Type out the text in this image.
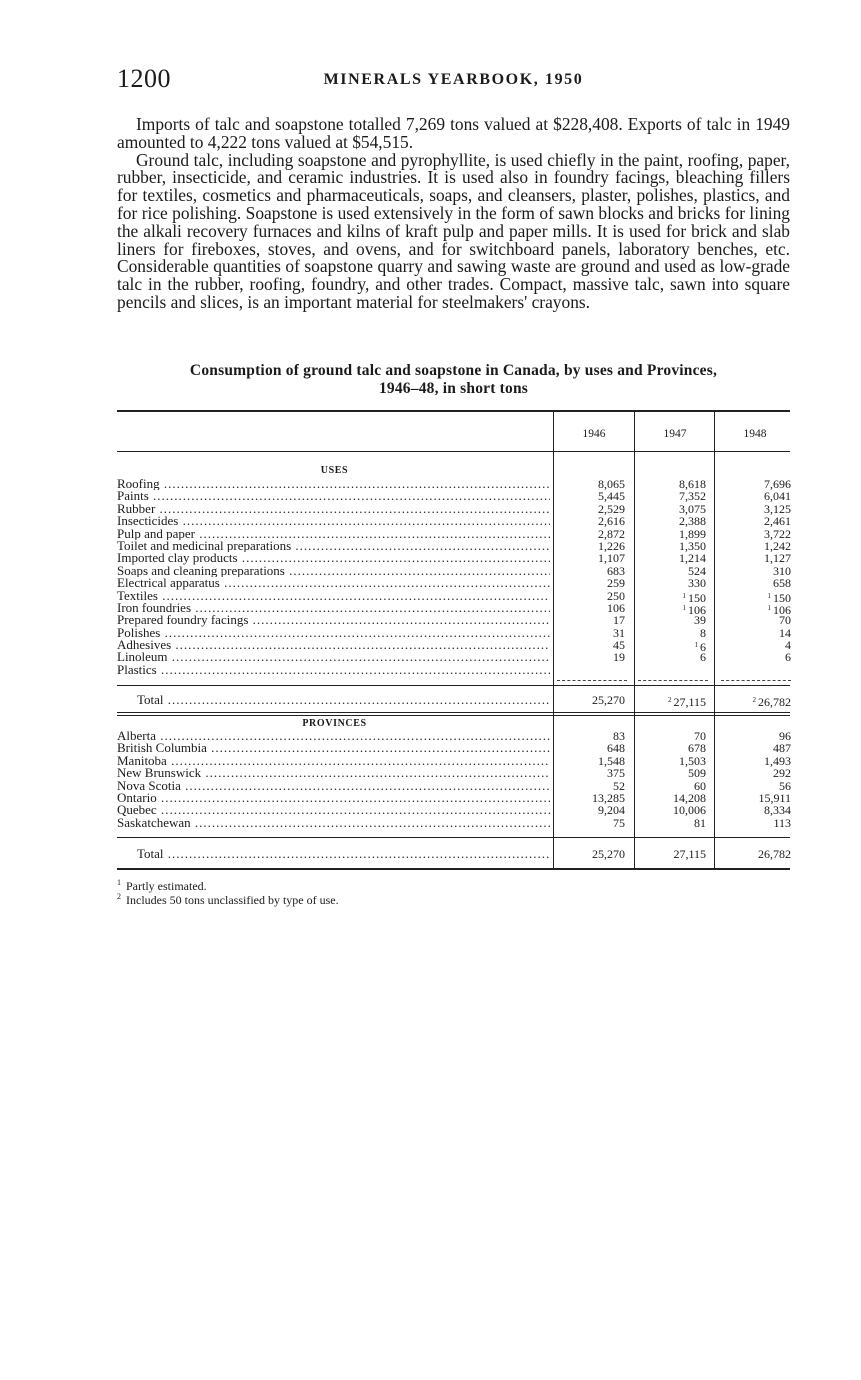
1200	MINERALS YEARBOOK, 1950

Imports of talc and soapstone totalled 7,269 tons valued at $228,408. Exports of talc in 1949 amounted to 4,222 tons valued at $54,515.

Ground talc, including soapstone and pyrophyllite, is used chiefly in the paint, roofing, paper, rubber, insecticide, and ceramic industries. It is used also in foundry facings, bleaching fillers for textiles, cosmetics and pharmaceuticals, soaps, and cleansers, plaster, polishes, plastics, and for rice polishing. Soapstone is used extensively in the form of sawn blocks and bricks for lining the alkali recovery furnaces and kilns of kraft pulp and paper mills. It is used for brick and slab liners for fireboxes, stoves, and ovens, and for switchboard panels, laboratory benches, etc. Considerable quantities of soapstone quarry and sawing waste are ground and used as low-grade talc in the rubber, roofing, foundry, and other trades. Compact, massive talc, sawn into square pencils and slices, is an important material for steelmakers' crayons.

Consumption of ground talc and soapstone in Canada, by uses and Provinces,
1946–48, in short tons
1946	1947	1948
USES
Roofing .....	8,065	8,618	7,696
Paints .....	5,445	7,352	6,041
Rubber .....	2,529	3,075	3,125
Insecticides .....	2,616	2,388	2,461
Pulp and paper .....	2,872	1,899	3,722
Toilet and medicinal preparations .....	1,226	1,350	1,242
Imported clay products .....	1,107	1,214	1,127
Soaps and cleaning preparations .....	683	524	310
Electrical apparatus .....	259	330	658
Textiles .....	250	$^1$ 150	$^1$ 150
Iron foundries .....	106	$^1$ 106	$^1$ 106
Prepared foundry facings .....	17	39	70
Polishes .....	31	8	14
Adhesives .....	45	$^1$ 6	4
Linoleum .....	19	6	6
Plastics .....
Total .....	25,270	$^2$ 27,115	$^2$ 26,782
PROVINCES
Alberta .....	83	70	96
British Columbia .....	648	678	487
Manitoba .....	1,548	1,503	1,493
New Brunswick .....	375	509	292
Nova Scotia .....	52	60	56
Ontario .....	13,285	14,208	15,911
Quebec .....	9,204	10,006	8,334
Saskatchewan .....	75	81	113
Total .....	25,270	27,115	26,782
1 Partly estimated.
2 Includes 50 tons unclassified by type of use.
